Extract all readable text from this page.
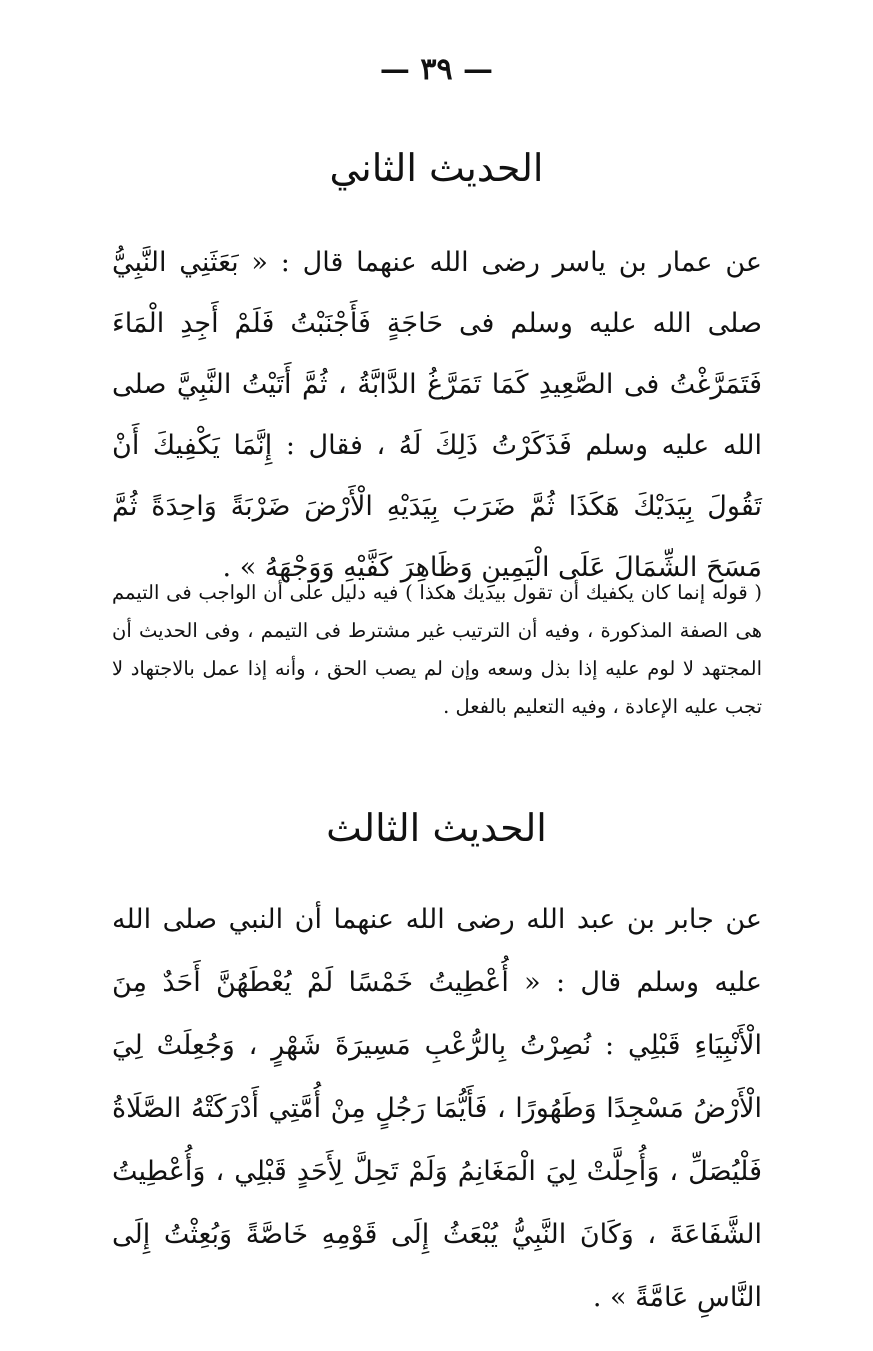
— ٣٩ —
الحديث الثاني
عن عمار بن ياسر رضى الله عنهما قال : « بَعَثَنِي النَّبِيُّ صلى الله عليه وسلم فى حَاجَةٍ فَأَجْنَبْتُ فَلَمْ أَجِدِ الْمَاءَ فَتَمَرَّغْتُ فى الصَّعِيدِ كَمَا تَمَرَّغُ الدَّابَّةُ ، ثُمَّ أَتَيْتُ النَّبِيَّ صلى الله عليه وسلم فَذَكَرْتُ ذَلِكَ لَهُ ، فقال : إِنَّمَا يَكْفِيكَ أَنْ تَقُولَ بِيَدَيْكَ هَكَذَا ثُمَّ ضَرَبَ بِيَدَيْهِ الْأَرْضَ ضَرْبَةً وَاحِدَةً ثُمَّ مَسَحَ الشِّمَالَ عَلَى الْيَمِينِ وَظَاهِرَ كَفَّيْهِ وَوَجْهَهُ » .
( قوله إنما كان يكفيك أن تقول بيديك هكذا ) فيه دليل على أن الواجب فى التيمم هى الصفة المذكورة ، وفيه أن الترتيب غير مشترط فى التيمم ، وفى الحديث أن المجتهد لا لوم عليه إذا بذل وسعه وإن لم يصب الحق ، وأنه إذا عمل بالاجتهاد لا تجب عليه الإعادة ، وفيه التعليم بالفعل .
الحديث الثالث
عن جابر بن عبد الله رضى الله عنهما أن النبي صلى الله عليه وسلم قال : « أُعْطِيتُ خَمْسًا لَمْ يُعْطَهُنَّ أَحَدٌ مِنَ الْأَنْبِيَاءِ قَبْلِي : نُصِرْتُ بِالرُّعْبِ مَسِيرَةَ شَهْرٍ ، وَجُعِلَتْ لِيَ الْأَرْضُ مَسْجِدًا وَطَهُورًا ، فَأَيُّمَا رَجُلٍ مِنْ أُمَّتِي أَدْرَكَتْهُ الصَّلَاةُ فَلْيُصَلِّ ، وَأُحِلَّتْ لِيَ الْمَغَانِمُ وَلَمْ تَحِلَّ لِأَحَدٍ قَبْلِي ، وَأُعْطِيتُ الشَّفَاعَةَ ، وَكَانَ النَّبِيُّ يُبْعَثُ إِلَى قَوْمِهِ خَاصَّةً وَبُعِثْتُ إِلَى النَّاسِ عَامَّةً » .
